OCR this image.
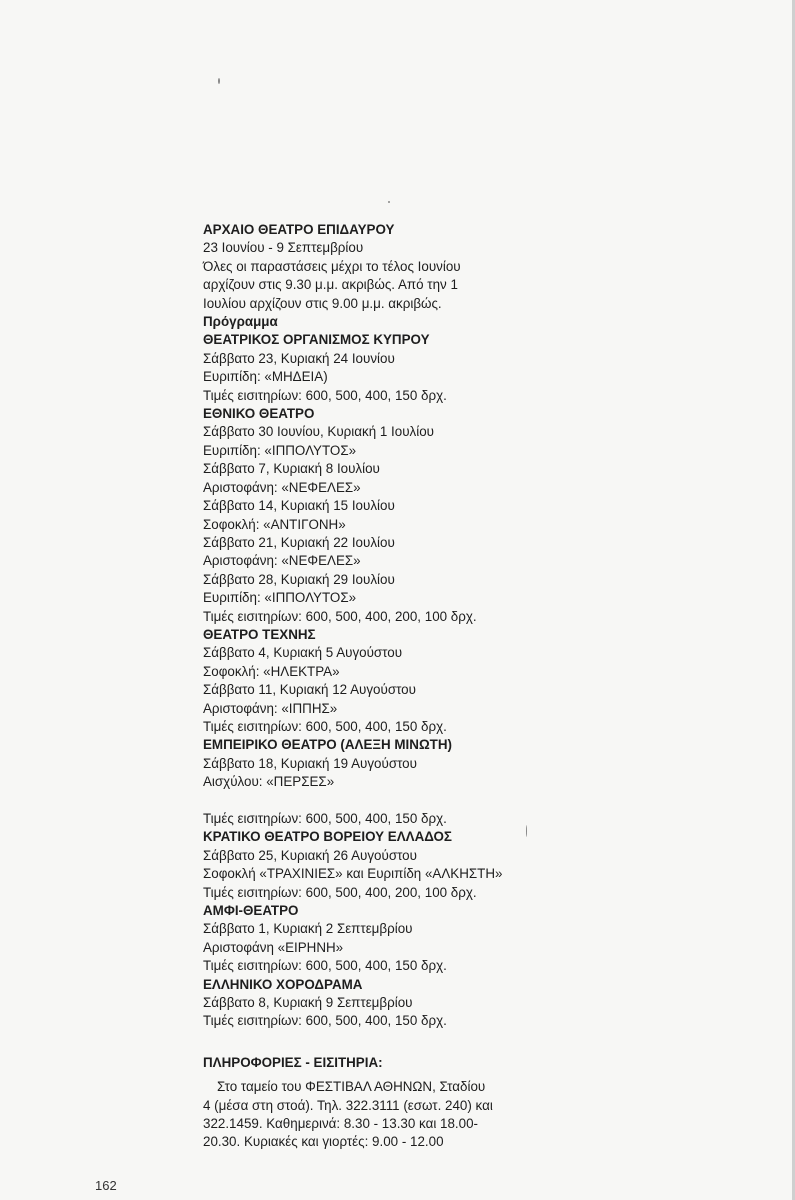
ΑΡΧΑΙΟ ΘΕΑΤΡΟ ΕΠΙΔΑΥΡΟΥ
23 Ιουνίου - 9 Σεπτεμβρίου
Όλες οι παραστάσεις μέχρι το τέλος Ιουνίου
αρχίζουν στις 9.30 μ.μ. ακριβώς. Από την 1
Ιουλίου αρχίζουν στις 9.00 μ.μ. ακριβώς.
Πρόγραμμα
ΘΕΑΤΡΙΚΟΣ ΟΡΓΑΝΙΣΜΟΣ ΚΥΠΡΟΥ
Σάββατο 23, Κυριακή 24 Ιουνίου
Ευριπίδη: «ΜΗΔΕΙΑ)
Τιμές εισιτηρίων: 600, 500, 400, 150 δρχ.
ΕΘΝΙΚΟ ΘΕΑΤΡΟ
Σάββατο 30 Ιουνίου, Κυριακή 1 Ιουλίου
Ευριπίδη: «ΙΠΠΟΛΥΤΟΣ»
Σάββατο 7, Κυριακή 8 Ιουλίου
Αριστοφάνη: «ΝΕΦΕΛΕΣ»
Σάββατο 14, Κυριακή 15 Ιουλίου
Σοφοκλή: «ΑΝΤΙΓΟΝΗ»
Σάββατο 21, Κυριακή 22 Ιουλίου
Αριστοφάνη: «ΝΕΦΕΛΕΣ»
Σάββατο 28, Κυριακή 29 Ιουλίου
Ευριπίδη: «ΙΠΠΟΛΥΤΟΣ»
Τιμές εισιτηρίων: 600, 500, 400, 200, 100 δρχ.
ΘΕΑΤΡΟ ΤΕΧΝΗΣ
Σάββατο 4, Κυριακή 5 Αυγούστου
Σοφοκλή: «ΗΛΕΚΤΡΑ»
Σάββατο 11, Κυριακή 12 Αυγούστου
Αριστοφάνη: «ΙΠΠΗΣ»
Τιμές εισιτηρίων: 600, 500, 400, 150 δρχ.
ΕΜΠΕΙΡΙΚΟ ΘΕΑΤΡΟ (ΑΛΕΞΗ ΜΙΝΩΤΗ)
Σάββατο 18, Κυριακή 19 Αυγούστου
Αισχύλου: «ΠΕΡΣΕΣ»
Τιμές εισιτηρίων: 600, 500, 400, 150 δρχ.
ΚΡΑΤΙΚΟ ΘΕΑΤΡΟ ΒΟΡΕΙΟΥ ΕΛΛΑΔΟΣ
Σάββατο 25, Κυριακή 26 Αυγούστου
Σοφοκλή «ΤΡΑΧΙΝΙΕΣ» και Ευριπίδη «ΑΛΚΗΣΤΗ»
Τιμές εισιτηρίων: 600, 500, 400, 200, 100 δρχ.
ΑΜΦΙ-ΘΕΑΤΡΟ
Σάββατο 1, Κυριακή 2 Σεπτεμβρίου
Αριστοφάνη «ΕΙΡΗΝΗ»
Τιμές εισιτηρίων: 600, 500, 400, 150 δρχ.
ΕΛΛΗΝΙΚΟ ΧΟΡΟΔΡΑΜΑ
Σάββατο 8, Κυριακή 9 Σεπτεμβρίου
Τιμές εισιτηρίων: 600, 500, 400, 150 δρχ.
ΠΛΗΡΟΦΟΡΙΕΣ - ΕΙΣΙΤΗΡΙΑ:
Στο ταμείο του ΦΕΣΤΙΒΑΛ ΑΘΗΝΩΝ, Σταδίου
4 (μέσα στη στοά). Τηλ. 322.3111 (εσωτ. 240) και
322.1459. Καθημερινά: 8.30 - 13.30 και 18.00-
20.30. Κυριακές και γιορτές: 9.00 - 12.00
162
